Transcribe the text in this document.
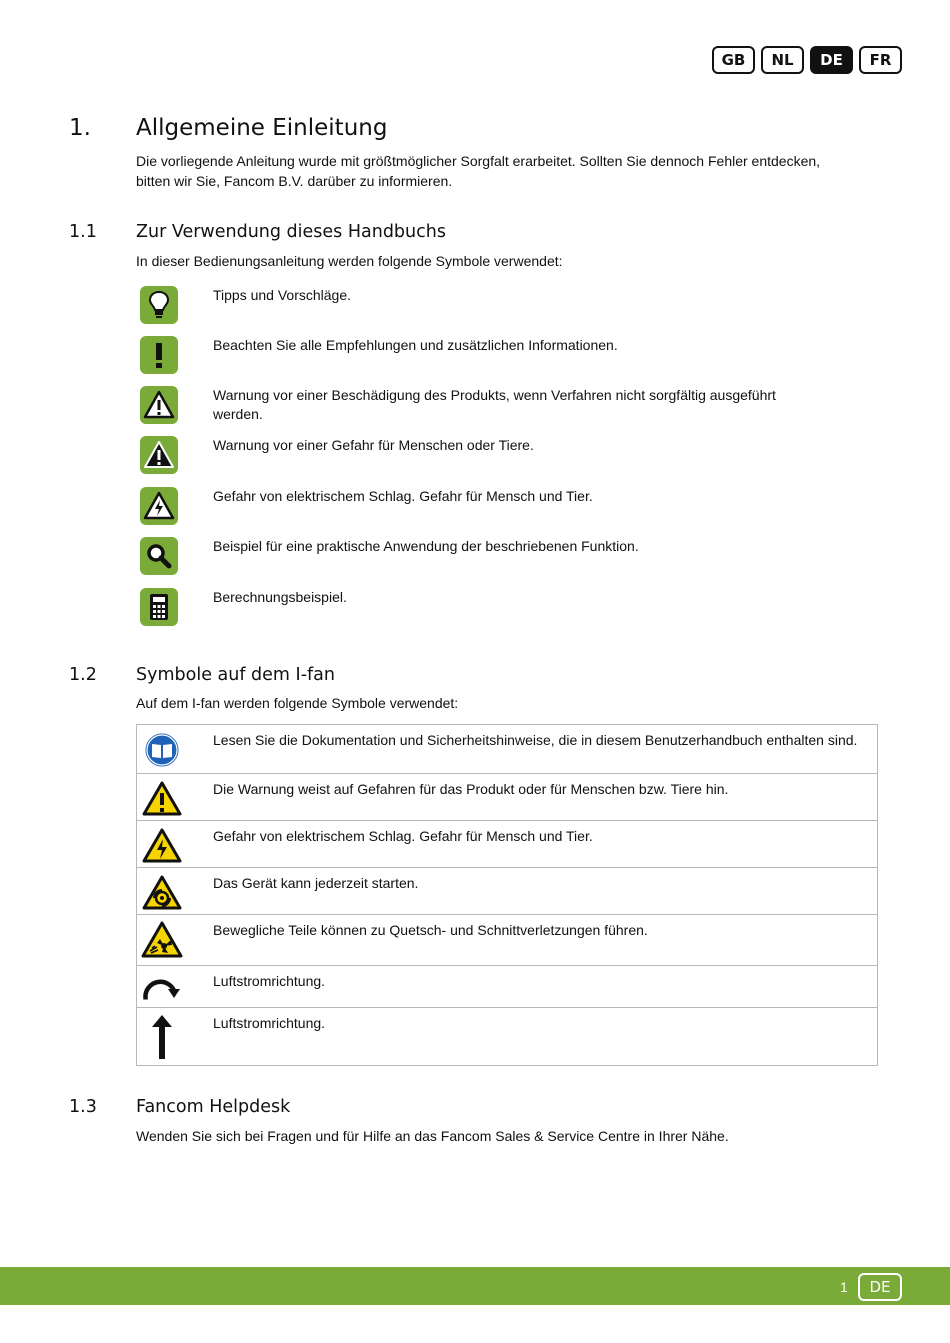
GB	NL	DE	FR
1. Allgemeine Einleitung
Die vorliegende Anleitung wurde mit größtmöglicher Sorgfalt erarbeitet. Sollten Sie dennoch Fehler entdecken, bitten wir Sie, Fancom B.V. darüber zu informieren.
1.1 Zur Verwendung dieses Handbuchs
In dieser Bedienungsanleitung werden folgende Symbole verwendet:
Tipps und Vorschläge.
Beachten Sie alle Empfehlungen und zusätzlichen Informationen.
Warnung vor einer Beschädigung des Produkts, wenn Verfahren nicht sorgfältig ausgeführt werden.
Warnung vor einer Gefahr für Menschen oder Tiere.
Gefahr von elektrischem Schlag. Gefahr für Mensch und Tier.
Beispiel für eine praktische Anwendung der beschriebenen Funktion.
Berechnungsbeispiel.
1.2 Symbole auf dem I-fan
Auf dem I-fan werden folgende Symbole verwendet:
Lesen Sie die Dokumentation und Sicherheitshinweise, die in diesem Benutzerhandbuch enthalten sind.
Die Warnung weist auf Gefahren für das Produkt oder für Menschen bzw. Tiere hin.
Gefahr von elektrischem Schlag. Gefahr für Mensch und Tier.
Das Gerät kann jederzeit starten.
Bewegliche Teile können zu Quetsch- und Schnittverletzungen führen.
Luftstromrichtung.
Luftstromrichtung.
1.3 Fancom Helpdesk
Wenden Sie sich bei Fragen und für Hilfe an das Fancom Sales & Service Centre in Ihrer Nähe.
1	DE
